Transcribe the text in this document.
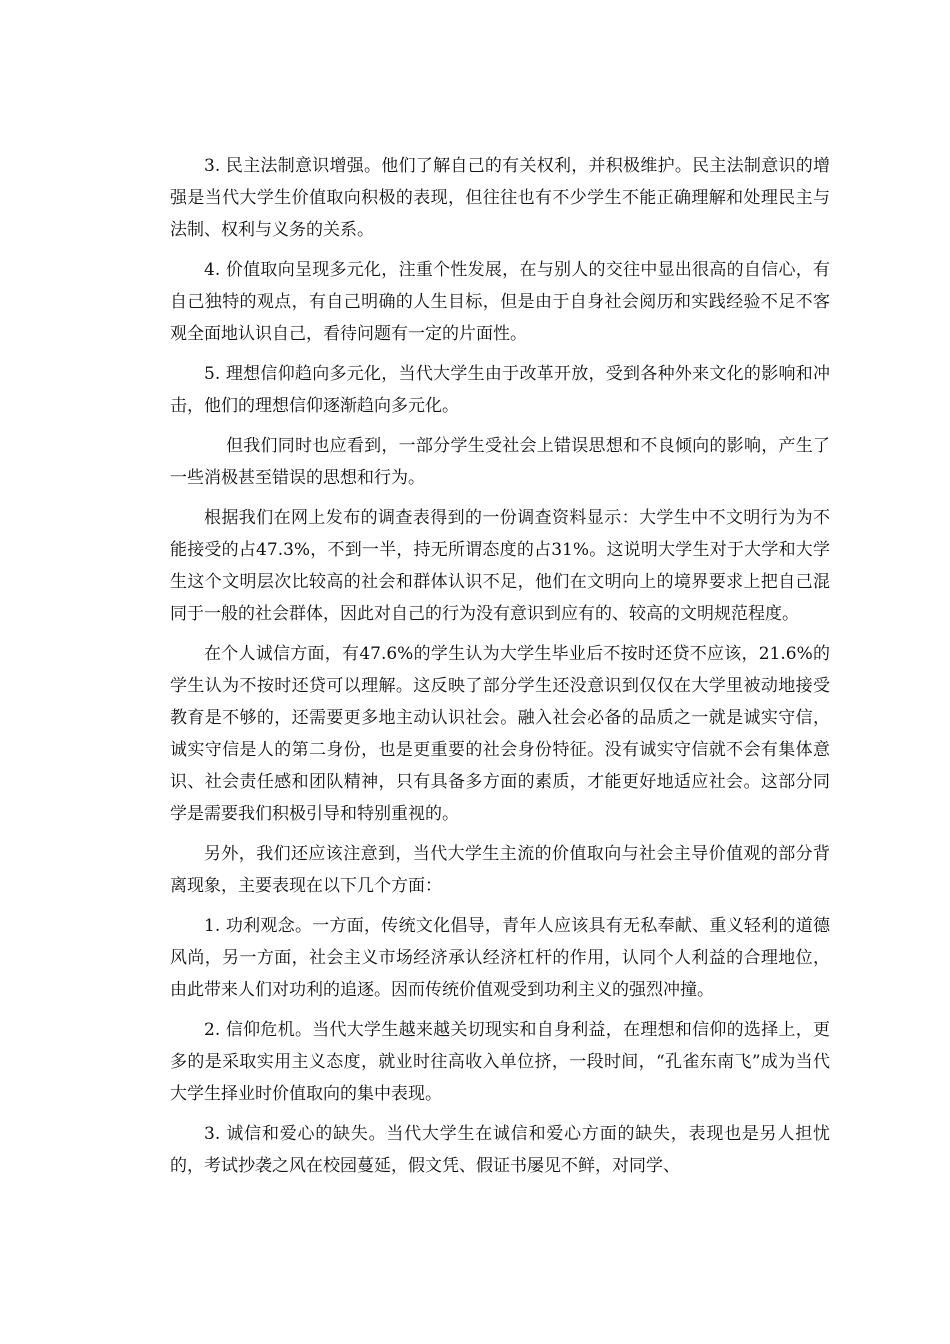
3. 民主法制意识增强。他们了解自己的有关权利，并积极维护。民主法制意识的增强是当代大学生价值取向积极的表现，但往往也有不少学生不能正确理解和处理民主与法制、权利与义务的关系。

4. 价值取向呈现多元化，注重个性发展，在与别人的交往中显出很高的自信心，有自己独特的观点，有自己明确的人生目标，但是由于自身社会阅历和实践经验不足不客观全面地认识自己，看待问题有一定的片面性。

5. 理想信仰趋向多元化，当代大学生由于改革开放，受到各种外来文化的影响和冲击，他们的理想信仰逐渐趋向多元化。

但我们同时也应看到，一部分学生受社会上错误思想和不良倾向的影响，产生了一些消极甚至错误的思想和行为。

根据我们在网上发布的调查表得到的一份调查资料显示：大学生中不文明行为为不能接受的占47.3%，不到一半，持无所谓态度的占31%。这说明大学生对于大学和大学生这个文明层次比较高的社会和群体认识不足，他们在文明向上的境界要求上把自己混同于一般的社会群体，因此对自己的行为没有意识到应有的、较高的文明规范程度。

在个人诚信方面，有47.6%的学生认为大学生毕业后不按时还贷不应该，21.6%的学生认为不按时还贷可以理解。这反映了部分学生还没意识到仅仅在大学里被动地接受教育是不够的，还需要更多地主动认识社会。融入社会必备的品质之一就是诚实守信，诚实守信是人的第二身份，也是更重要的社会身份特征。没有诚实守信就不会有集体意识、社会责任感和团队精神，只有具备多方面的素质，才能更好地适应社会。这部分同学是需要我们积极引导和特别重视的。

另外，我们还应该注意到，当代大学生主流的价值取向与社会主导价值观的部分背离现象，主要表现在以下几个方面：

1. 功利观念。一方面，传统文化倡导，青年人应该具有无私奉献、重义轻利的道德风尚，另一方面，社会主义市场经济承认经济杠杆的作用，认同个人利益的合理地位，由此带来人们对功利的追逐。因而传统价值观受到功利主义的强烈冲撞。

2. 信仰危机。当代大学生越来越关切现实和自身利益，在理想和信仰的选择上，更多的是采取实用主义态度，就业时往高收入单位挤，一段时间，“孔雀东南飞”成为当代大学生择业时价值取向的集中表现。

3. 诚信和爱心的缺失。当代大学生在诚信和爱心方面的缺失，表现也是另人担忧的，考试抄袭之风在校园蔓延，假文凭、假证书屡见不鲜，对同学、
